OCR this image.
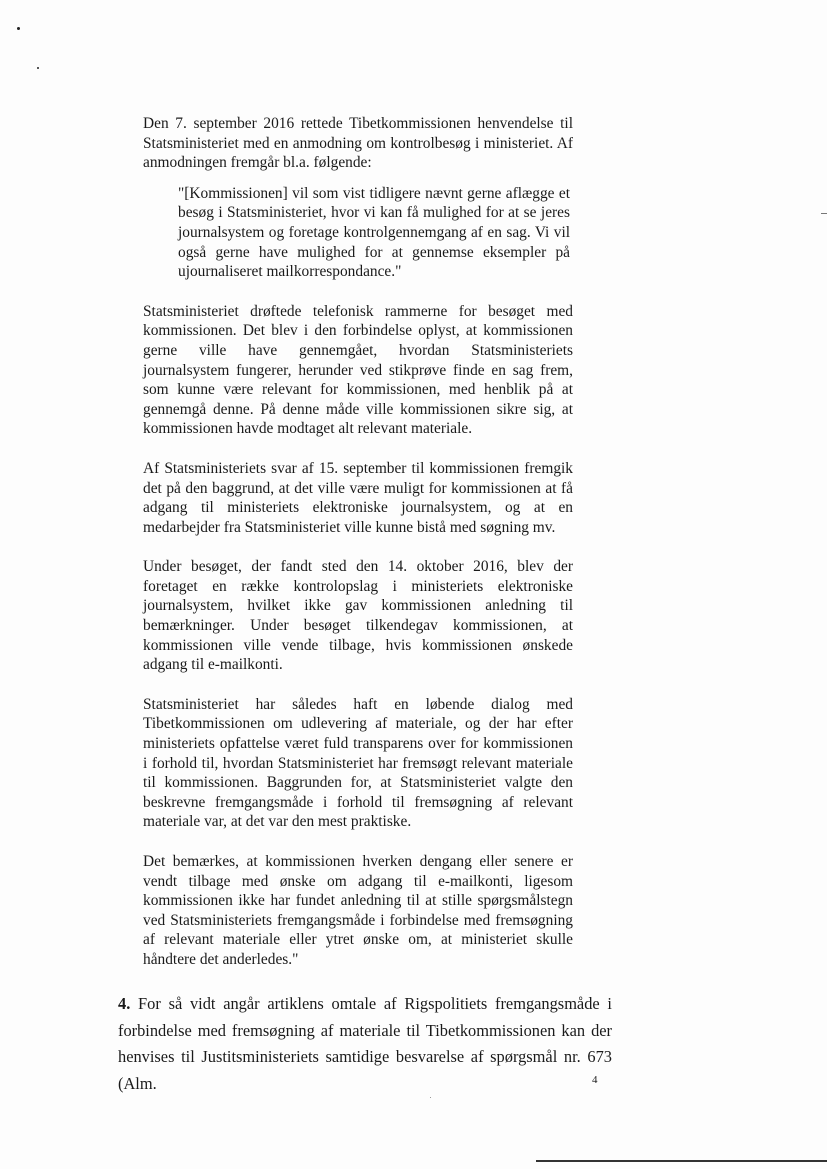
Den 7. september 2016 rettede Tibetkommissionen henvendelse til Statsministeriet med en anmodning om kontrolbesøg i ministeriet. Af anmodningen fremgår bl.a. følgende:

"[Kommissionen] vil som vist tidligere nævnt gerne aflægge et besøg i Statsministeriet, hvor vi kan få mulighed for at se jeres journalsystem og foretage kontrolgennemgang af en sag. Vi vil også gerne have mulighed for at gennemse eksempler på ujournaliseret mailkorrespondance."

Statsministeriet drøftede telefonisk rammerne for besøget med kommissionen. Det blev i den forbindelse oplyst, at kommissionen gerne ville have gennemgået, hvordan Statsministeriets journalsystem fungerer, herunder ved stikprøve finde en sag frem, som kunne være relevant for kommissionen, med henblik på at gennemgå denne. På denne måde ville kommissionen sikre sig, at kommissionen havde modtaget alt relevant materiale.

Af Statsministeriets svar af 15. september til kommissionen fremgik det på den baggrund, at det ville være muligt for kommissionen at få adgang til ministeriets elektroniske journalsystem, og at en medarbejder fra Statsministeriet ville kunne bistå med søgning mv.

Under besøget, der fandt sted den 14. oktober 2016, blev der foretaget en række kontrolopslag i ministeriets elektroniske journalsystem, hvilket ikke gav kommissionen anledning til bemærkninger. Under besøget tilkendegav kommissionen, at kommissionen ville vende tilbage, hvis kommissionen ønskede adgang til e-mailkonti.

Statsministeriet har således haft en løbende dialog med Tibetkommissionen om udlevering af materiale, og der har efter ministeriets opfattelse været fuld transparens over for kommissionen i forhold til, hvordan Statsministeriet har fremsøgt relevant materiale til kommissionen. Baggrunden for, at Statsministeriet valgte den beskrevne fremgangsmåde i forhold til fremsøgning af relevant materiale var, at det var den mest praktiske.

Det bemærkes, at kommissionen hverken dengang eller senere er vendt tilbage med ønske om adgang til e-mailkonti, ligesom kommissionen ikke har fundet anledning til at stille spørgsmålstegn ved Statsministeriets fremgangsmåde i forbindelse med fremsøgning af relevant materiale eller ytret ønske om, at ministeriet skulle håndtere det anderledes."

4. For så vidt angår artiklens omtale af Rigspolitiets fremgangsmåde i forbindelse med fremsøgning af materiale til Tibetkommissionen kan der henvises til Justitsministeriets samtidige besvarelse af spørgsmål nr. 673 (Alm.	4
